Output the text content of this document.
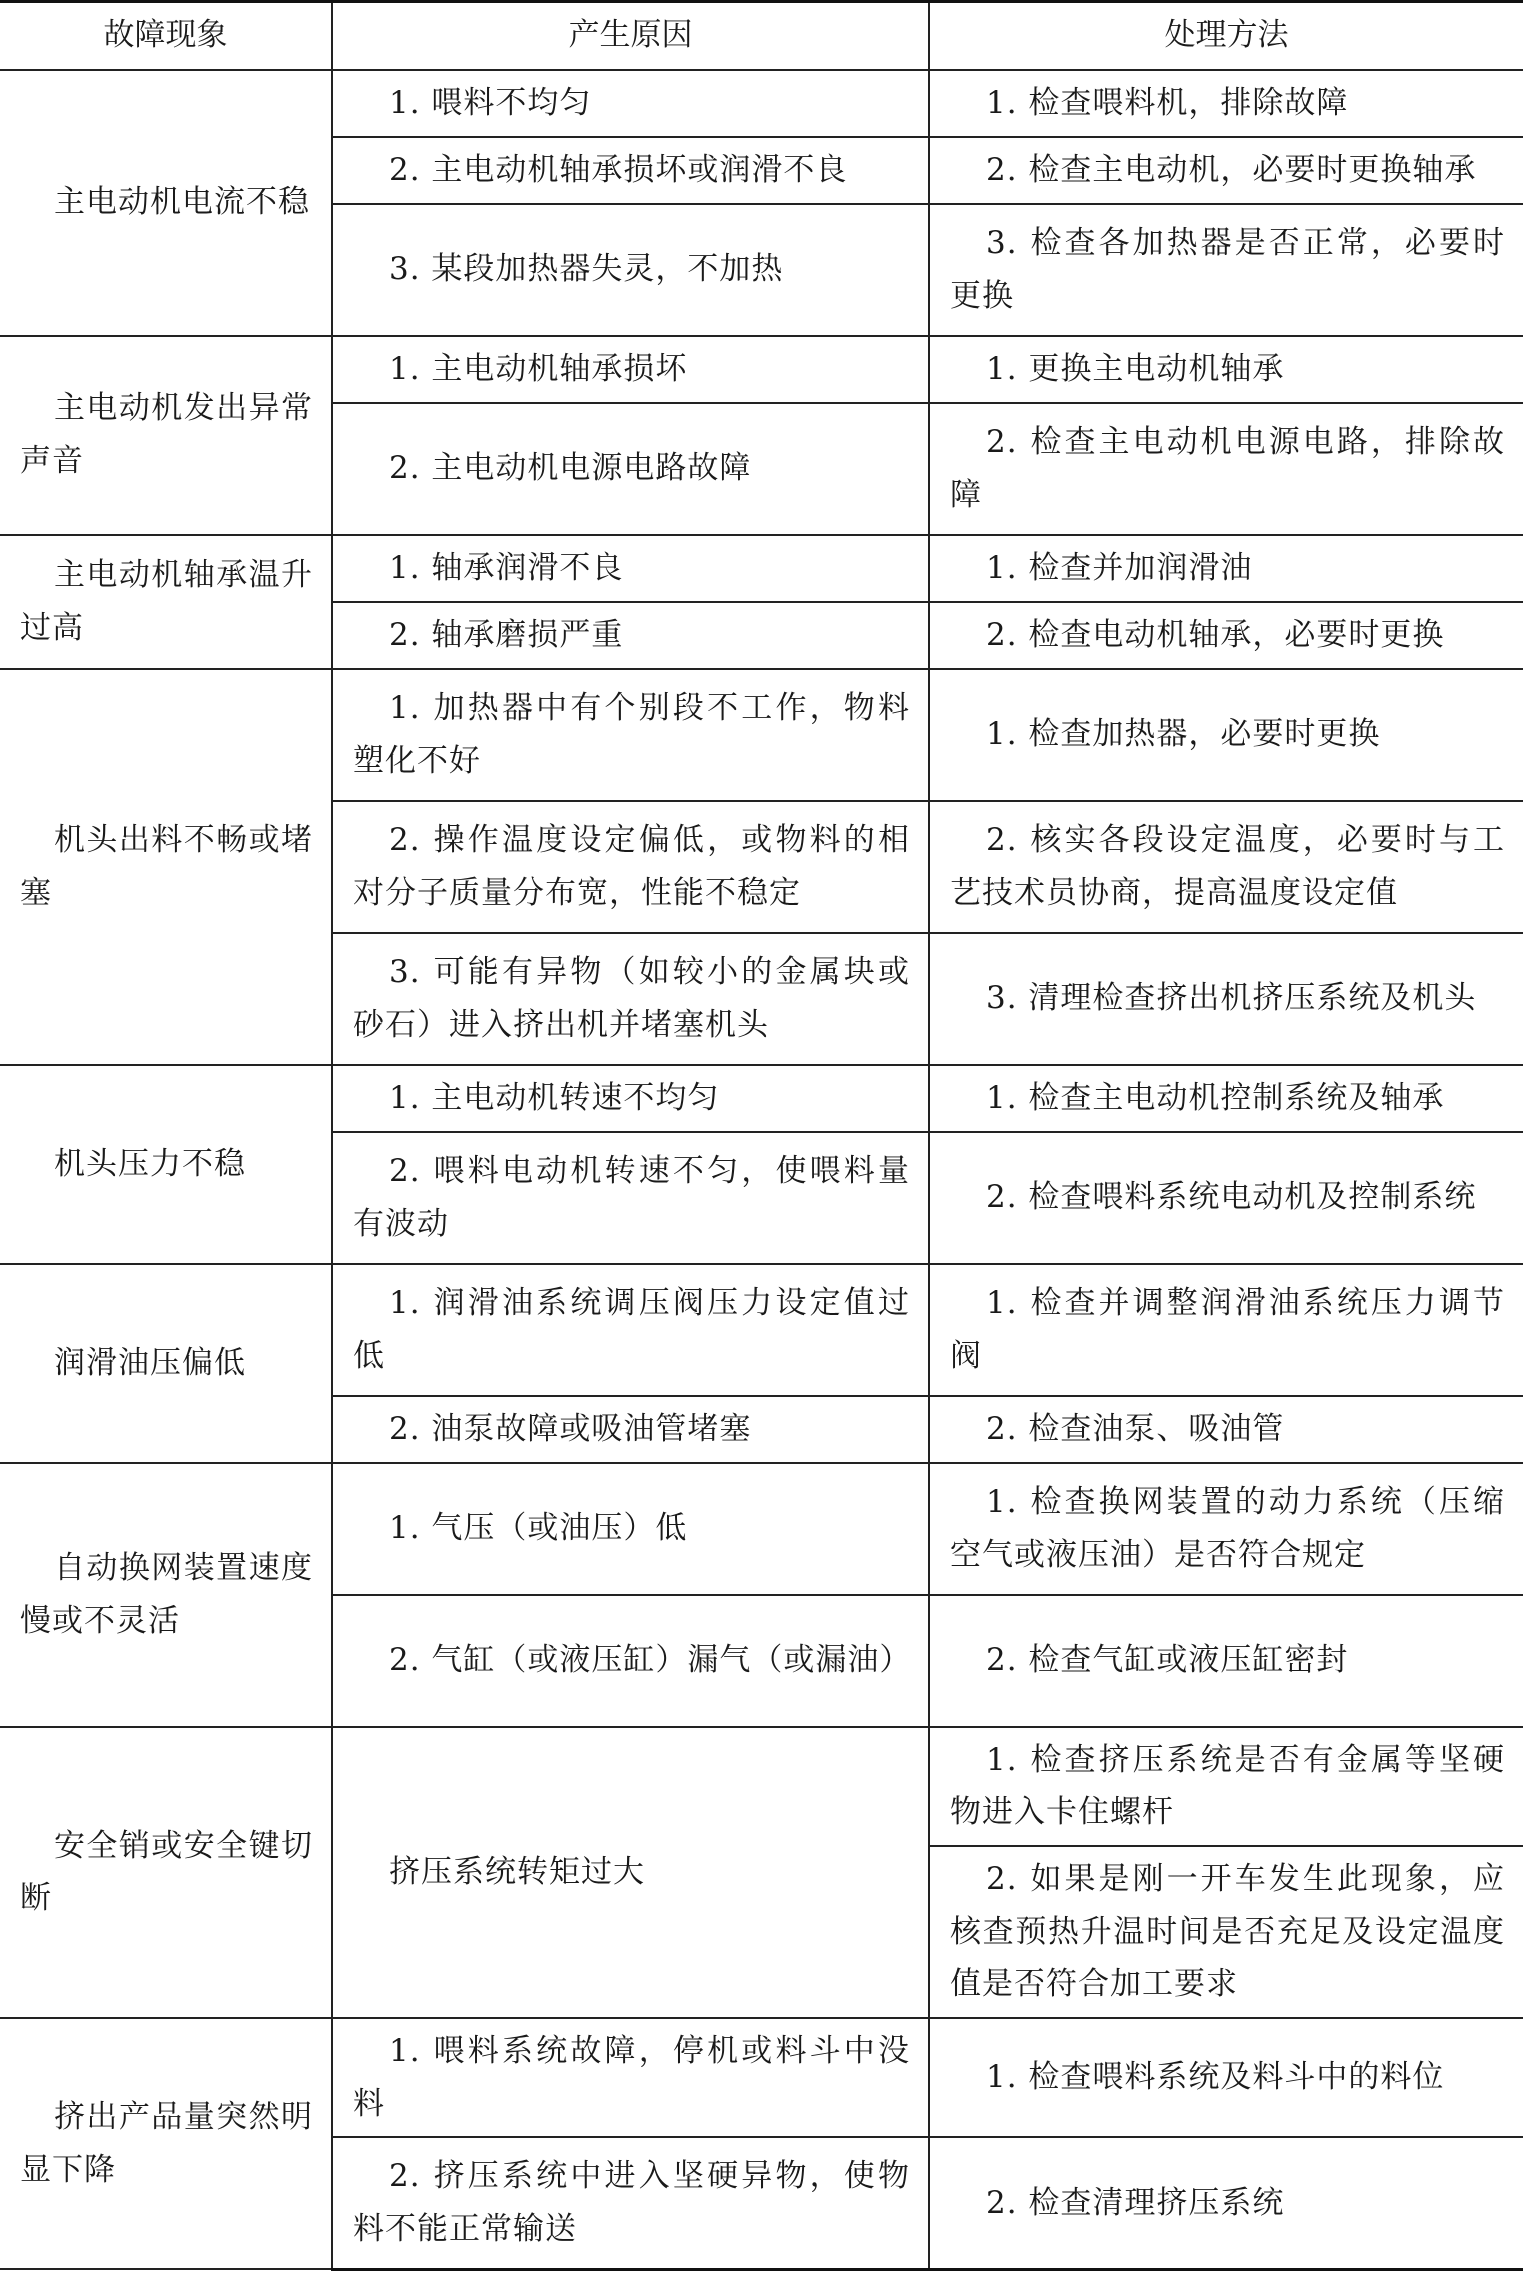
故障现象	产生原因	处理方法

主电动机电流不稳	1. 喂料不均匀	1. 检查喂料机，排除故障

	2. 主电动机轴承损坏或润滑不良	2. 检查主电动机，必要时更换轴承

	3. 某段加热器失灵，不加热	3. 检查各加热器是否正常，必要时更换

主电动机发出异常声音	1. 主电动机轴承损坏	1. 更换主电动机轴承

	2. 主电动机电源电路故障	2. 检查主电动机电源电路，排除故障

主电动机轴承温升过高	1. 轴承润滑不良	1. 检查并加润滑油

	2. 轴承磨损严重	2. 检查电动机轴承，必要时更换

机头出料不畅或堵塞	1. 加热器中有个别段不工作，物料塑化不好	1. 检查加热器，必要时更换

	2. 操作温度设定偏低，或物料的相对分子质量分布宽，性能不稳定	2. 核实各段设定温度，必要时与工艺技术员协商，提高温度设定值

	3. 可能有异物（如较小的金属块或砂石）进入挤出机并堵塞机头	3. 清理检查挤出机挤压系统及机头

机头压力不稳	1. 主电动机转速不均匀	1. 检查主电动机控制系统及轴承

	2. 喂料电动机转速不匀，使喂料量有波动	2. 检查喂料系统电动机及控制系统

润滑油压偏低	1. 润滑油系统调压阀压力设定值过低	1. 检查并调整润滑油系统压力调节阀

	2. 油泵故障或吸油管堵塞	2. 检查油泵、吸油管

自动换网装置速度慢或不灵活	1. 气压（或油压）低	1. 检查换网装置的动力系统（压缩空气或液压油）是否符合规定

	2. 气缸（或液压缸）漏气（或漏油）	2. 检查气缸或液压缸密封

安全销或安全键切断	挤压系统转矩过大	1. 检查挤压系统是否有金属等坚硬物进入卡住螺杆

		2. 如果是刚一开车发生此现象，应核查预热升温时间是否充足及设定温度值是否符合加工要求

挤出产品量突然明显下降	1. 喂料系统故障，停机或料斗中没料	1. 检查喂料系统及料斗中的料位

	2. 挤压系统中进入坚硬异物，使物料不能正常输送	2. 检查清理挤压系统
